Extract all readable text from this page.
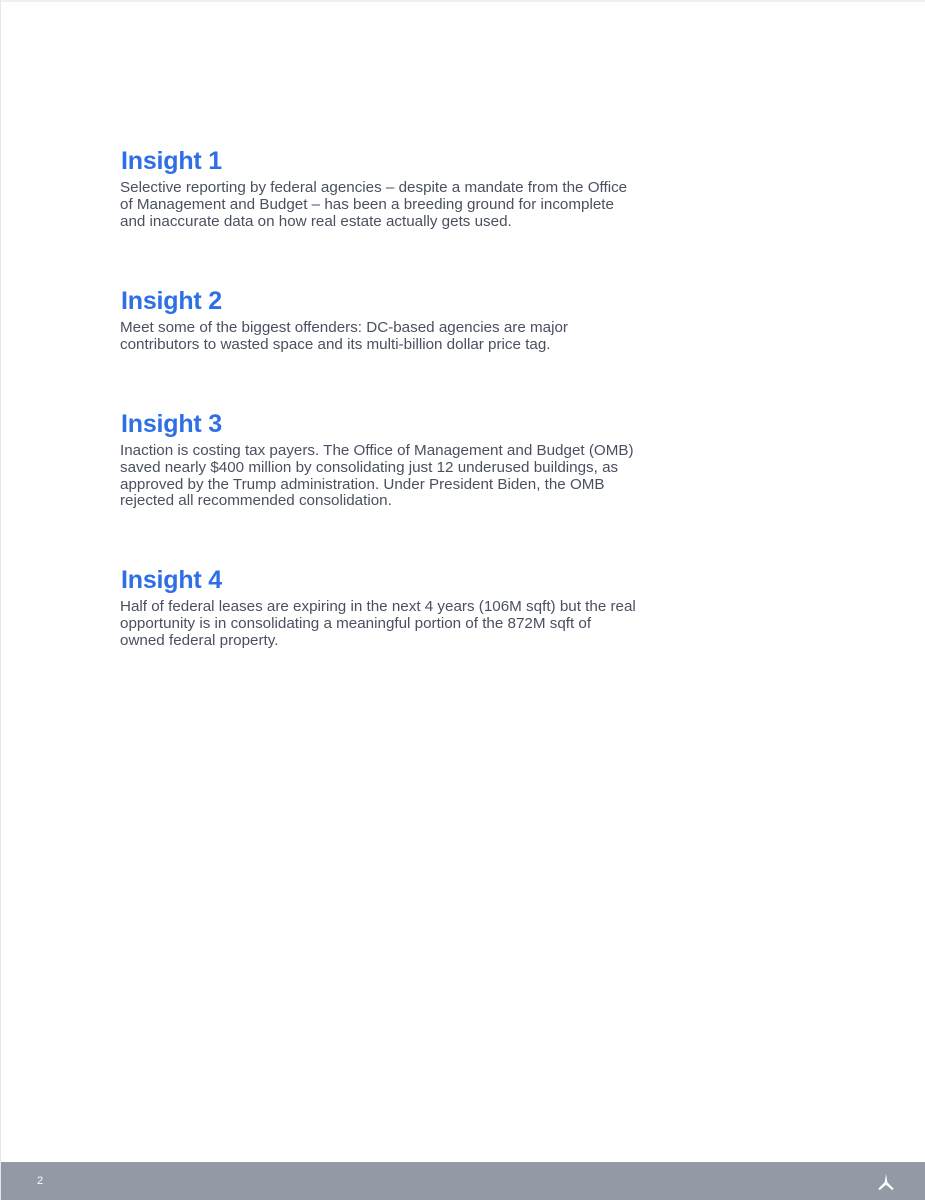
Insight 1

Selective reporting by federal agencies – despite a mandate from the Office of Management and Budget – has been a breeding ground for incomplete and inaccurate data on how real estate actually gets used.

Insight 2

Meet some of the biggest offenders: DC-based agencies are major contributors to wasted space and its multi-billion dollar price tag.

Insight 3

Inaction is costing tax payers. The Office of Management and Budget (OMB) saved nearly $400 million by consolidating just 12 underused buildings, as approved by the Trump administration. Under President Biden, the OMB rejected all recommended consolidation.

Insight 4

Half of federal leases are expiring in the next 4 years (106M sqft) but the real opportunity is in consolidating a meaningful portion of the 872M sqft of owned federal property.

2
